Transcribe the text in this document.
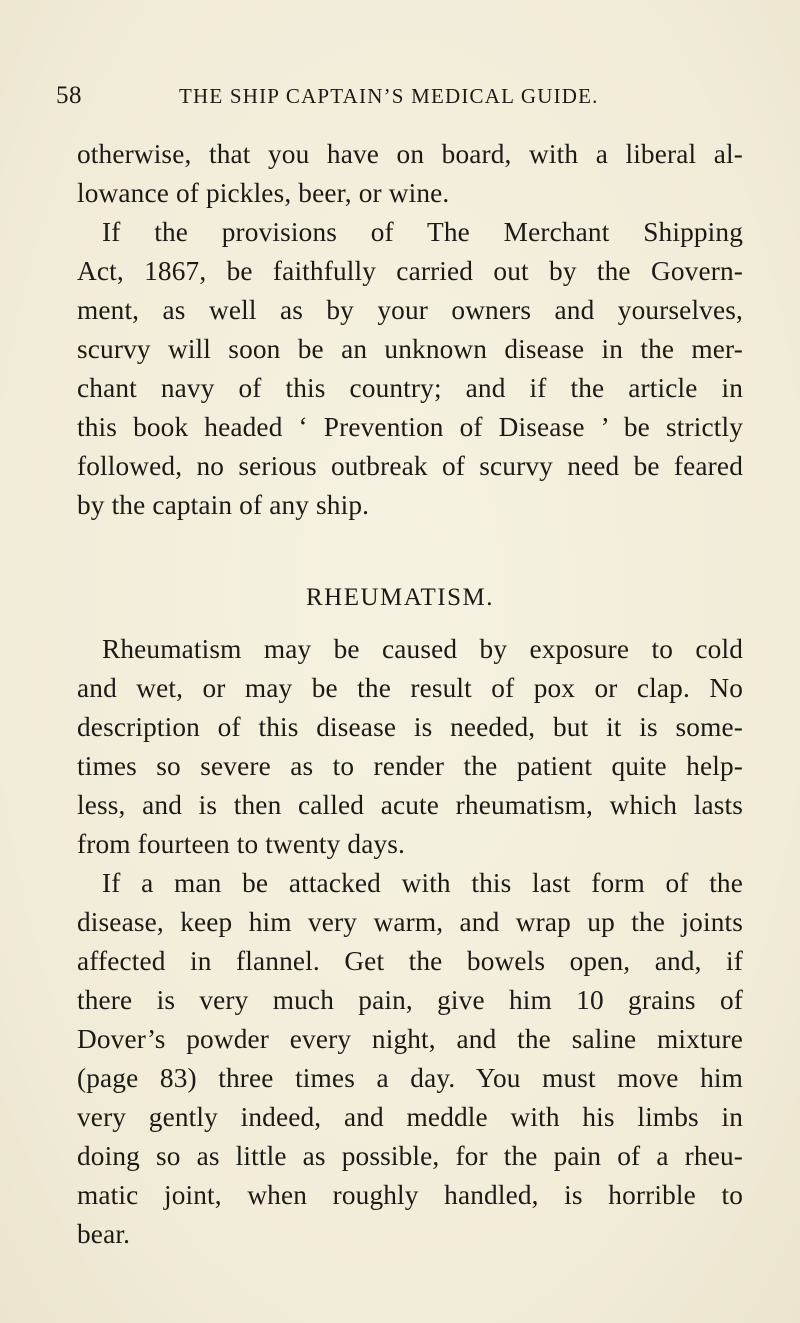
58	THE SHIP CAPTAIN’S MEDICAL GUIDE.
otherwise, that you have on board, with a liberal al-
lowance of pickles, beer, or wine.
If the provisions of The Merchant Shipping
Act, 1867, be faithfully carried out by the Govern-
ment, as well as by your owners and yourselves,
scurvy will soon be an unknown disease in the mer-
chant navy of this country; and if the article in
this book headed ‘ Prevention of Disease ’ be strictly
followed, no serious outbreak of scurvy need be feared
by the captain of any ship.
RHEUMATISM.
Rheumatism may be caused by exposure to cold
and wet, or may be the result of pox or clap. No
description of this disease is needed, but it is some-
times so severe as to render the patient quite help-
less, and is then called acute rheumatism, which lasts
from fourteen to twenty days.
If a man be attacked with this last form of the
disease, keep him very warm, and wrap up the joints
affected in flannel. Get the bowels open, and, if
there is very much pain, give him 10 grains of
Dover’s powder every night, and the saline mixture
(page 83) three times a day. You must move him
very gently indeed, and meddle with his limbs in
doing so as little as possible, for the pain of a rheu-
matic joint, when roughly handled, is horrible to
bear.
